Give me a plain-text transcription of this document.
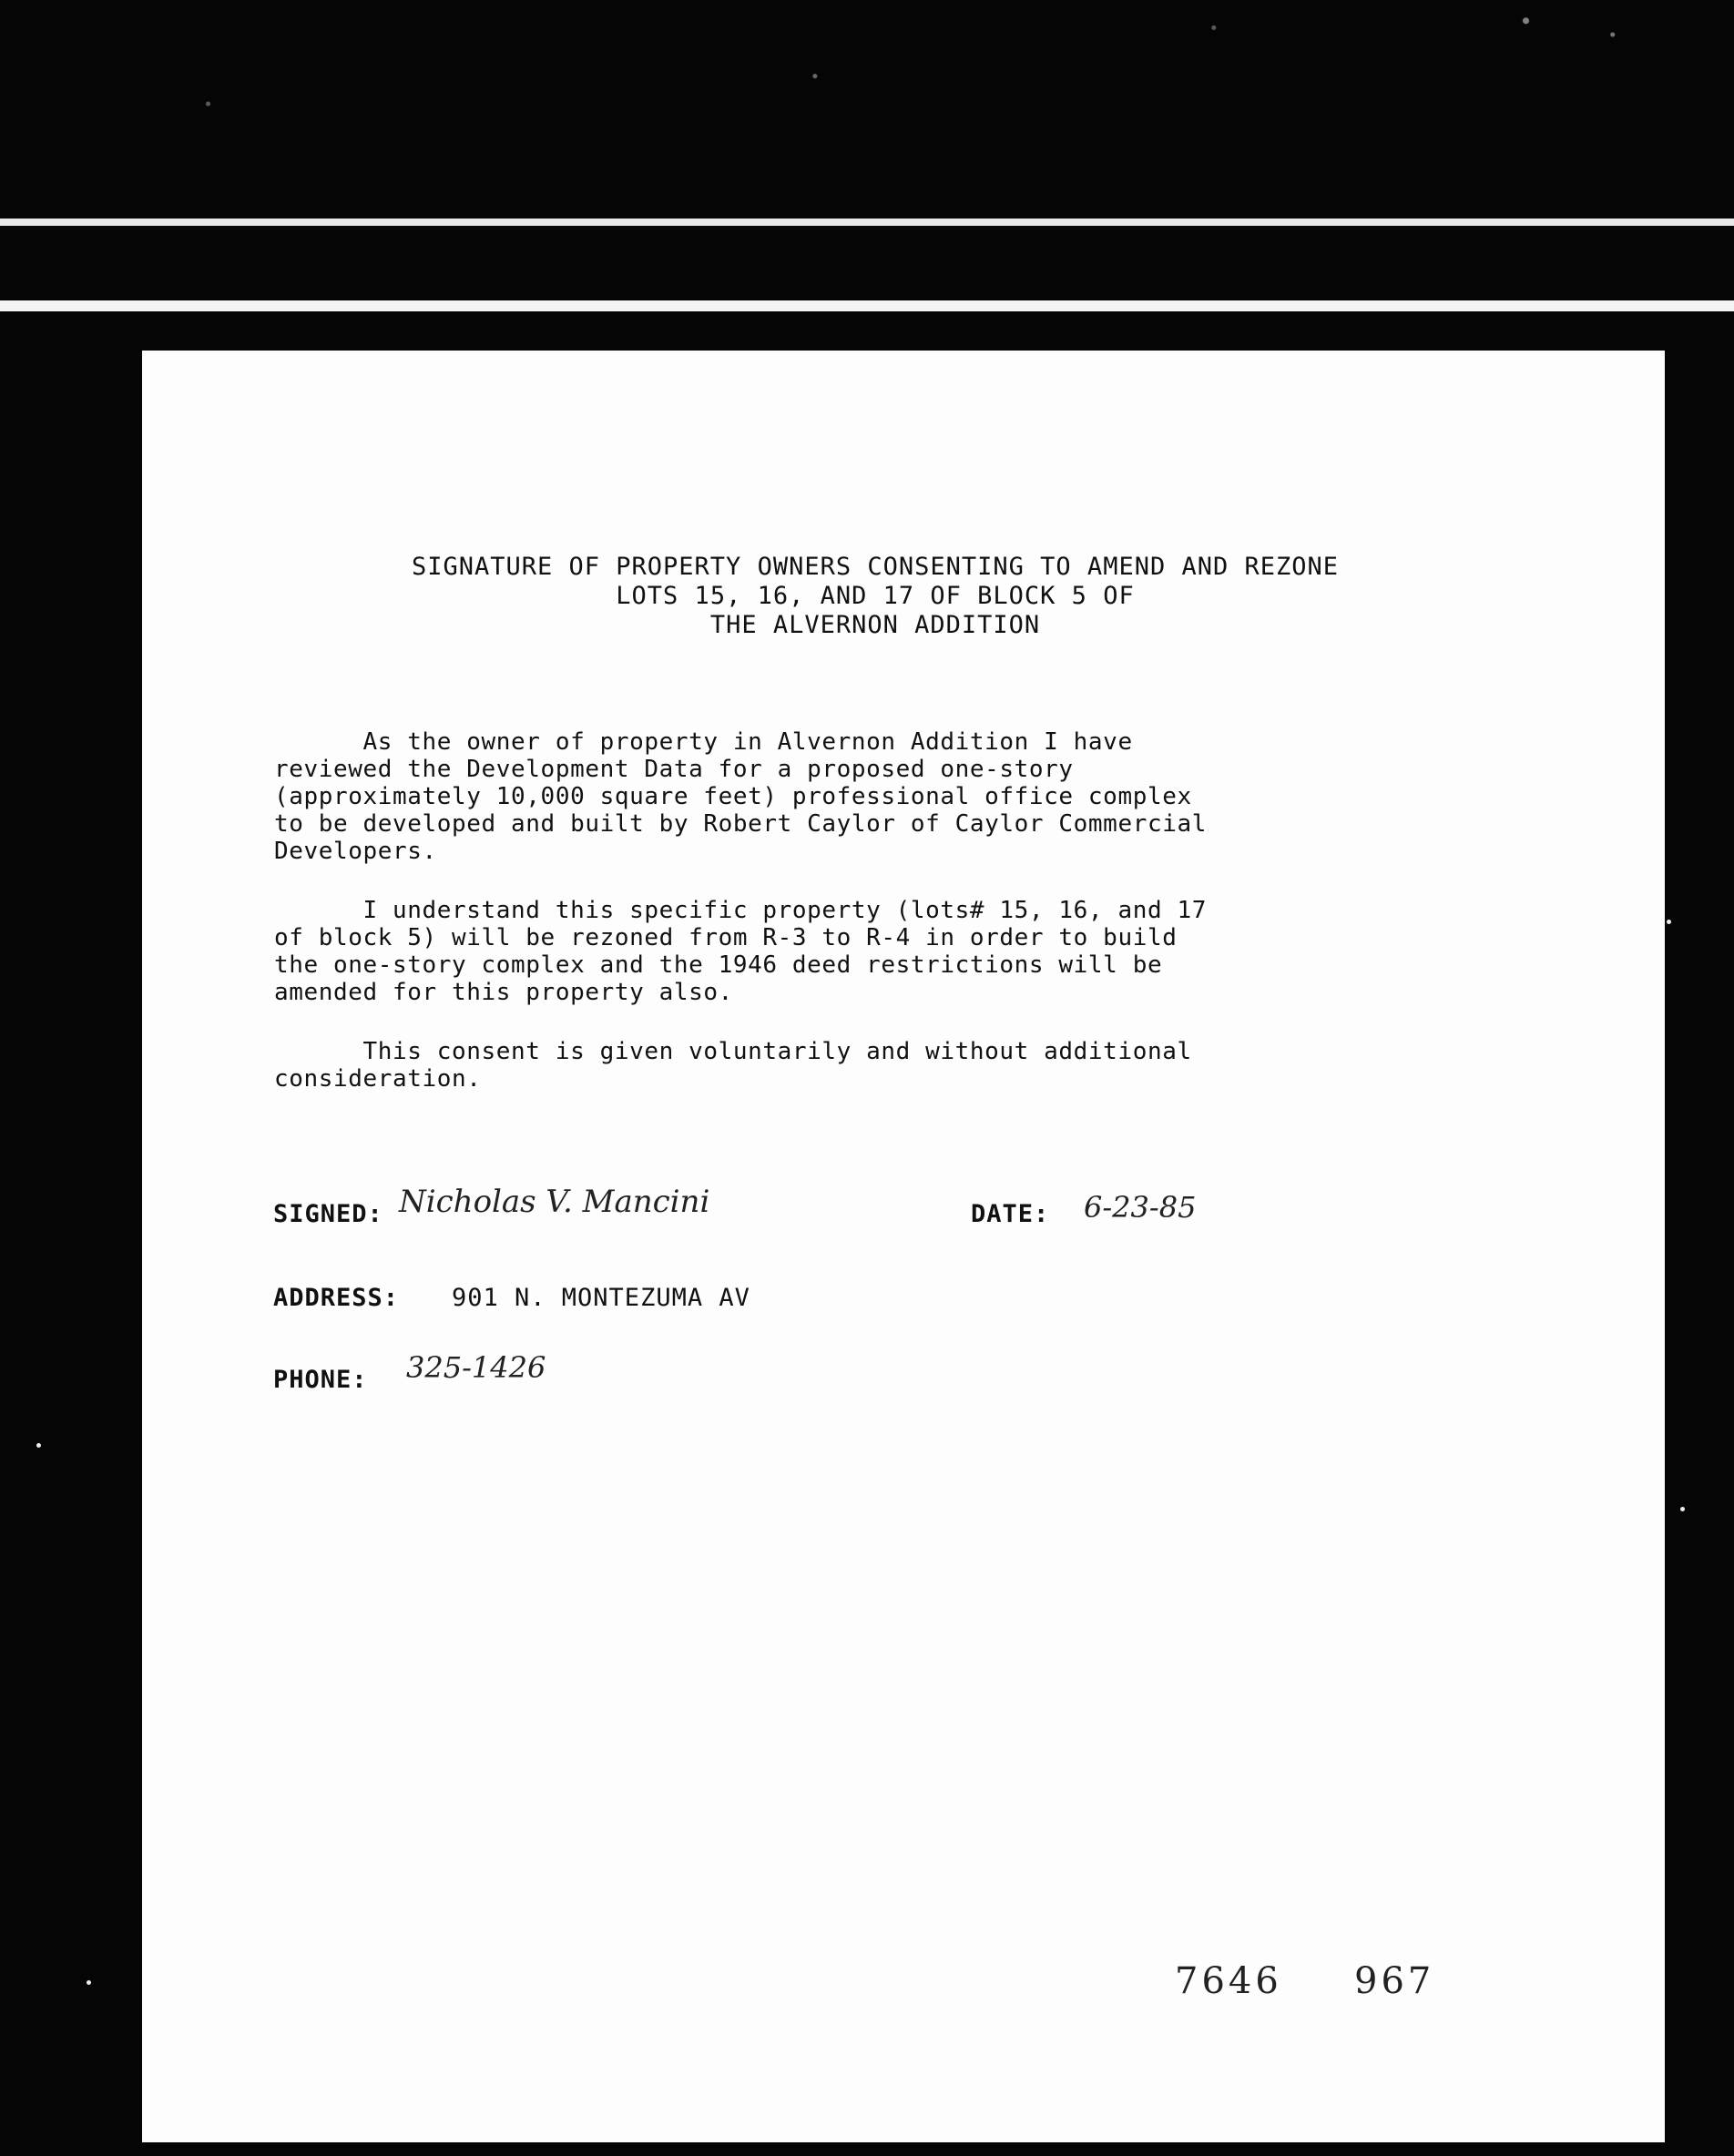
SIGNATURE OF PROPERTY OWNERS CONSENTING TO AMEND AND REZONE
LOTS 15, 16, AND 17 OF BLOCK 5 OF
THE ALVERNON ADDITION
As the owner of property in Alvernon Addition I have
reviewed the Development Data for a proposed one-story
(approximately 10,000 square feet) professional office complex
to be developed and built by Robert Caylor of Caylor Commercial
Developers.
I understand this specific property (lots# 15, 16, and 17
of block 5) will be rezoned from R-3 to R-4 in order to build
the one-story complex and the 1946 deed restrictions will be
amended for this property also.
This consent is given voluntarily and without additional
consideration.
SIGNED: Nicholas V. Mancini	DATE: 6-23-85
ADDRESS: 901 N. MONTEZUMA AV
PHONE: 325-1426
7646 967
